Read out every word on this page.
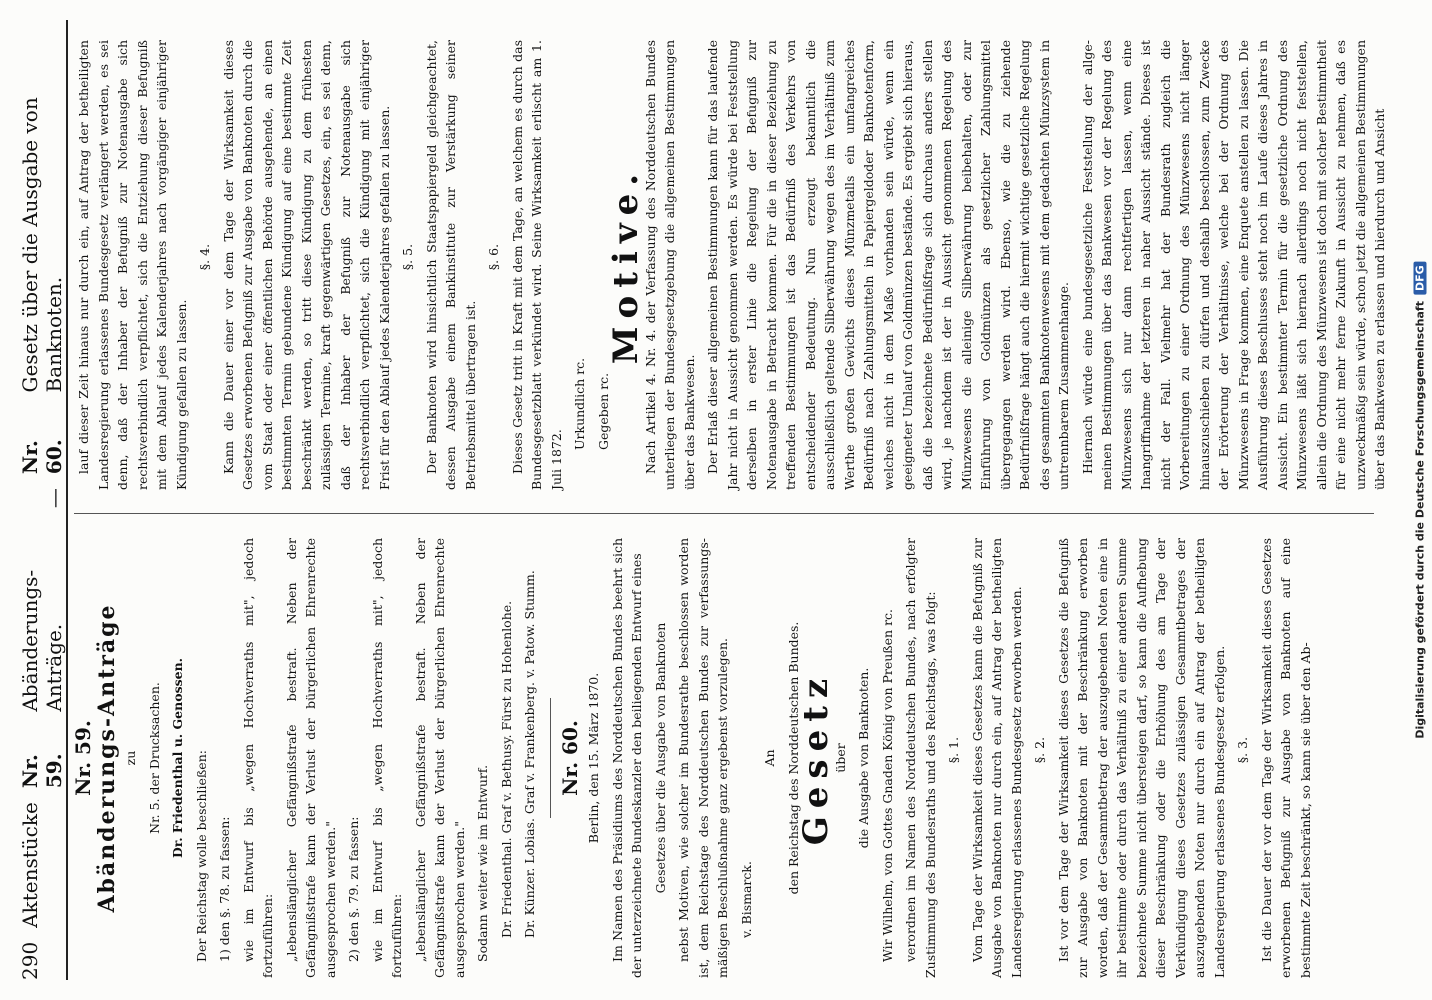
290
Aktenstücke
Nr. 59.
Abänderungs-Anträge.
—
Nr. 60.
Gesetz über die Ausgabe von Banknoten.

Nr. 59.

Abänderungs-Anträge zu Nr. 5. der Drucksachen. Dr. Friedenthal u. Genossen. Der Reichstag wolle beschließen: 1) den §. 78. zu fassen: wie im Entwurf bis „wegen Hochverraths mit", jedoch fortzuführen: „lebenslänglicher Gefängnißstrafe bestraft. Neben der Gefängnißstrafe kann der Verlust der bürgerlichen Ehrenrechte ausgesprochen werden." 2) den §. 79. zu fassen: wie im Entwurf bis „wegen Hochverraths mit", jedoch fortzuführen: „lebenslänglicher Gefängnißstrafe bestraft. Neben der Gefängnißstrafe kann der Verlust der bürgerlichen Ehrenrechte ausgesprochen werden." Sodann weiter wie im Entwurf. Dr. Friedenthal. Graf v. Bethusy. Fürst zu Hohenlohe. Dr. Künzer. Lobias. Graf v. Frankenberg. v. Patow. Stumm. Nr. 60. Berlin, den 15. März 1870. Im Namen des Präsidiums des Norddeutschen Bundes beehrt sich der unterzeichnete Bundeskanzler den beiliegenden Entwurf eines Gesetzes über die Ausgabe von Banknoten nebst Motiven, wie solcher im Bundesrathe beschlossen worden ist, dem Reichstage des Norddeutschen Bundes zur verfassungsmäßigen Beschlußnahme ganz ergebenst vorzulegen. v. Bismarck.

An den Reichstag des Norddeutschen Bundes.

Gesetz

über die Ausgabe von Banknoten. Wir Wilhelm, von Gottes Gnaden König von Preußen rc. verordnen im Namen des Norddeutschen Bundes, nach erfolgter Zustimmung des Bundesraths und des Reichstags, was folgt: §. 1. Vom Tage der Wirksamkeit dieses Gesetzes kann die Befugniß zur Ausgabe von Banknoten nur durch ein, auf Antrag der betheiligten Landesregierung erlassenes Bundesgesetz erworben werden. §. 2. Ist vor dem Tage der Wirksamkeit dieses Gesetzes die Befugniß zur Ausgabe von Banknoten mit der Beschränkung erworben worden, daß der Gesammtbetrag der auszugebenden Noten eine in ihr bestimmte oder durch das Verhältniß zu einer anderen Summe bezeichnete Summe nicht übersteigen darf, so kann die Aufhebung dieser Beschränkung oder die Erhöhung des am Tage der Verkündigung dieses Gesetzes zulässigen Gesammtbetrages der auszugebenden Noten nur durch ein auf Antrag der betheiligten Landesregierung erlassenes Bundesgesetz erfolgen. §. 3. Ist die Dauer der vor dem Tage der Wirksamkeit dieses Gesetzes erworbenen Befugniß zur Ausgabe von Banknoten auf eine bestimmte Zeit beschränkt, so kann sie über den Ab-

lauf dieser Zeit hinaus nur durch ein, auf Antrag der betheiligten Landesregierung erlassenes Bundesgesetz verlängert werden, es sei denn, daß der Inhaber der Befugniß zur Notenausgabe sich rechtsverbindlich verpflichtet, sich die Entziehung dieser Befugniß mit dem Ablauf jedes Kalenderjahres nach vorgängiger einjähriger Kündigung gefallen zu lassen.

§. 4. Kann die Dauer einer vor dem Tage der Wirksamkeit dieses Gesetzes erworbenen Befugniß zur Ausgabe von Banknoten durch die vom Staat oder einer öffentlichen Behörde ausgehende, an einen bestimmten Termin gebundene Kündigung auf eine bestimmte Zeit beschränkt werden, so tritt diese Kündigung zu dem frühesten zulässigen Termine, kraft gegenwärtigen Gesetzes, ein, es sei denn, daß der Inhaber der Befugniß zur Notenausgabe sich rechtsverbindlich verpflichtet, sich die Kündigung mit einjähriger Frist für den Ablauf jedes Kalenderjahres gefallen zu lassen. §. 5. Der Banknoten wird hinsichtlich Staatspapiergeld gleichgeachtet, dessen Ausgabe einem Bankinstitute zur Verstärkung seiner Betriebsmittel übertragen ist.

§. 6. Dieses Gesetz tritt in Kraft mit dem Tage, an welchem es durch das Bundesgesetzblatt verkündet wird. Seine Wirksamkeit erlischt am 1. Juli 1872.

Urkundlich rc. Gegeben rc.

Motive.

Nach Artikel 4. Nr. 4. der Verfassung des Norddeutschen Bundes unterliegen der Bundesgesetzgebung die allgemeinen Bestimmungen über das Bankwesen. Der Erlaß dieser allgemeinen Bestimmungen kann für das laufende Jahr nicht in Aussicht genommen werden. Es würde bei Feststellung derselben in erster Linie die Regelung der Befugniß zur Notenausgabe in Betracht kommen. Für die in dieser Beziehung zu treffenden Bestimmungen ist das Bedürfniß des Verkehrs von entscheidender Bedeutung. Nun erzeugt bekanntlich die ausschließlich geltende Silberwährung wegen des im Verhältniß zum Werthe großen Gewichts dieses Münzmetalls ein umfangreiches Bedürfniß nach Zahlungsmitteln in Papiergeldoder Banknotenform, welches nicht in dem Maße vorhanden sein würde, wenn ein geeigneter Umlauf von Goldmünzen bestände. Es ergiebt sich hieraus, daß die bezeichnete Bedürfnißfrage sich durchaus anders stellen wird, je nachdem ist der in Aussicht genommenen Regelung des Münzwesens die alleinige Silberwährung beibehalten, oder zur Einführung von Goldmünzen als gesetzlicher Zahlungsmittel übergegangen werden wird. Ebenso, wie die zu ziehende Bedürfnißfrage hängt auch die hiermit wichtige gesetzliche Regelung des gesammten Banknotenwesens mit dem gedachten Münzsystem in untrennbarem Zusammenhange. Hiernach würde eine bundesgesetzliche Feststellung der allgemeinen Bestimmungen über das Bankwesen vor der Regelung des Münzwesens sich nur dann rechtfertigen lassen, wenn eine Inangriffnahme der letzteren in naher Aussicht stände. Dieses ist nicht der Fall. Vielmehr hat der Bundesrath zugleich die Vorbereitungen zu einer Ordnung des Münzwesens nicht länger hinauszuschieben zu dürfen und deshalb beschlossen, zum Zwecke der Erörterung der Verhältnisse, welche bei der Ordnung des Münzwesens in Frage kommen, eine Enquete anstellen zu lassen. Die Ausführung dieses Beschlusses steht noch im Laufe dieses Jahres in Aussicht. Ein bestimmter Termin für die gesetzliche Ordnung des Münzwesens läßt sich hiernach allerdings noch nicht feststellen, allein die Ordnung des Münzwesens ist doch mit solcher Bestimmtheit für eine nicht mehr ferne Zukunft in Aussicht zu nehmen, daß es unzweckmäßig sein würde, schon jetzt die allgemeinen Bestimmungen über das Bankwesen zu erlassen und hierdurch und Ansicht

Digitalisierung gefördert durch die Deutsche ForschungsgemeinschaftDFG
